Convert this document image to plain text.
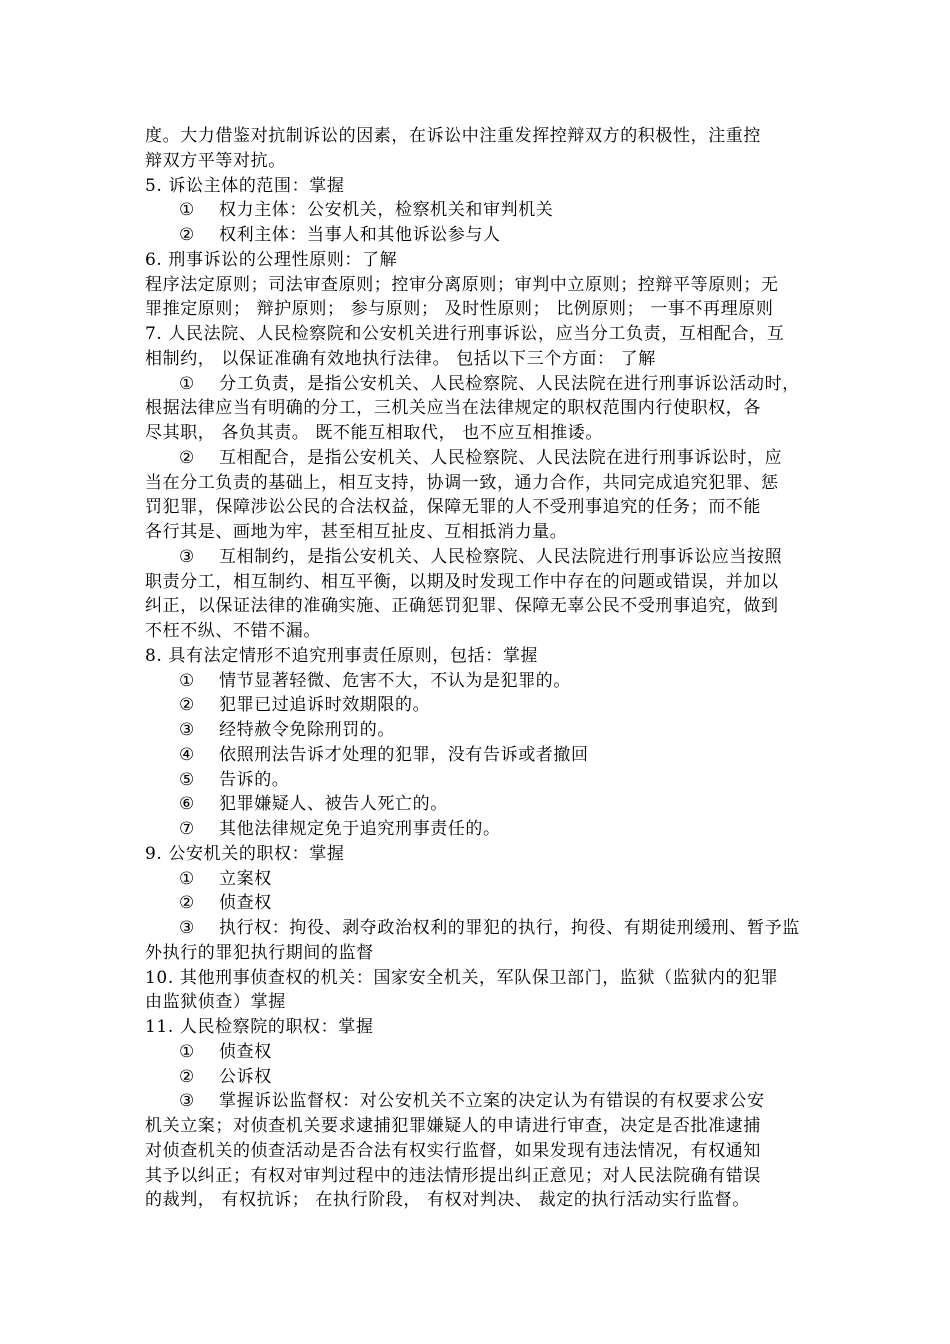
度。大力借鉴对抗制诉讼的因素，在诉讼中注重发挥控辩双方的积极性，注重控
辩双方平等对抗。
5. 诉讼主体的范围：掌握
① 权力主体：公安机关，检察机关和审判机关
② 权利主体：当事人和其他诉讼参与人
6. 刑事诉讼的公理性原则：了解
程序法定原则；司法审查原则；控审分离原则；审判中立原则；控辩平等原则；无
罪推定原则； 辩护原则； 参与原则； 及时性原则； 比例原则； 一事不再理原则
7. 人民法院、人民检察院和公安机关进行刑事诉讼，应当分工负责，互相配合，互
相制约， 以保证准确有效地执行法律。 包括以下三个方面： 了解
① 分工负责，是指公安机关、人民检察院、人民法院在进行刑事诉讼活动时，
根据法律应当有明确的分工，三机关应当在法律规定的职权范围内行使职权，各
尽其职， 各负其责。 既不能互相取代， 也不应互相推诿。
② 互相配合，是指公安机关、人民检察院、人民法院在进行刑事诉讼时，应
当在分工负责的基础上，相互支持，协调一致，通力合作，共同完成追究犯罪、惩
罚犯罪，保障涉讼公民的合法权益，保障无罪的人不受刑事追究的任务；而不能
各行其是、画地为牢，甚至相互扯皮、互相抵消力量。
③ 互相制约，是指公安机关、人民检察院、人民法院进行刑事诉讼应当按照
职责分工，相互制约、相互平衡，以期及时发现工作中存在的问题或错误，并加以
纠正，以保证法律的准确实施、正确惩罚犯罪、保障无辜公民不受刑事追究，做到
不枉不纵、不错不漏。
8. 具有法定情形不追究刑事责任原则，包括：掌握
① 情节显著轻微、危害不大，不认为是犯罪的。
② 犯罪已过追诉时效期限的。
③ 经特赦令免除刑罚的。
④ 依照刑法告诉才处理的犯罪，没有告诉或者撤回
⑤ 告诉的。
⑥ 犯罪嫌疑人、被告人死亡的。
⑦ 其他法律规定免于追究刑事责任的。
9. 公安机关的职权：掌握
① 立案权
② 侦查权
③ 执行权：拘役、剥夺政治权利的罪犯的执行，拘役、有期徒刑缓刑、暂予监
外执行的罪犯执行期间的监督
10. 其他刑事侦查权的机关：国家安全机关，军队保卫部门，监狱（监狱内的犯罪
由监狱侦查）掌握
11. 人民检察院的职权：掌握
① 侦查权
② 公诉权
③ 掌握诉讼监督权：对公安机关不立案的决定认为有错误的有权要求公安
机关立案；对侦查机关要求逮捕犯罪嫌疑人的申请进行审查，决定是否批准逮捕
对侦查机关的侦查活动是否合法有权实行监督，如果发现有违法情况，有权通知
其予以纠正；有权对审判过程中的违法情形提出纠正意见；对人民法院确有错误
的裁判， 有权抗诉； 在执行阶段， 有权对判决、 裁定的执行活动实行监督。
